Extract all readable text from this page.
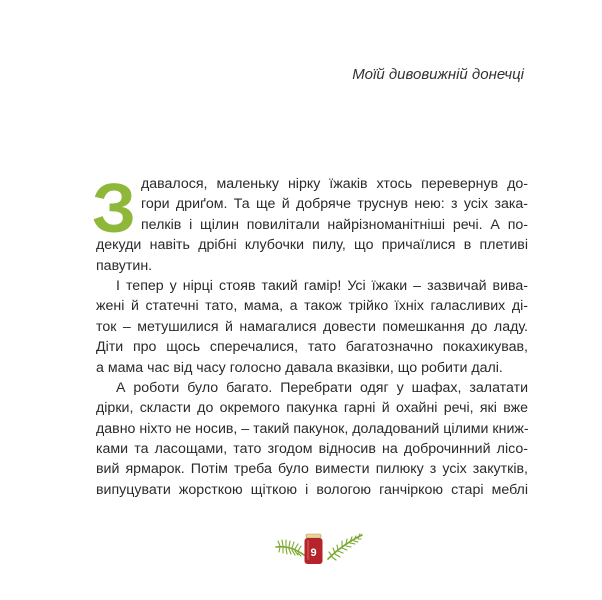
Моїй дивовижній донечці
З давалося, маленьку нірку їжаків хтось перевернув до-
гори дриґом. Та ще й добряче труснув нею: з усіх зака-
пелків і щілин повилітали найрізноманітніші речі. А по-
декуди навіть дрібні клубочки пилу, що причаїлися в плетиві
павутин.
І тепер у нірці стояв такий гамір! Усі їжаки – зазвичай вива-
жені й статечні тато, мама, а також трійко їхніх галасливих ді-
ток – метушилися й намагалися довести помешкання до ладу.
Діти про щось сперечалися, тато багатозначно покахикував,
а мама час від часу голосно давала вказівки, що робити далі.
А роботи було багато. Перебрати одяг у шафах, залатати
дірки, скласти до окремого пакунка гарні й охайні речі, які вже
давно ніхто не носив, – такий пакунок, доладований цілими книж-
ками та ласощами, тато згодом відносив на доброчинний лісо-
вий ярмарок. Потім треба було вимести пилюку з усіх закутків,
випуцувати жорсткою щіткою і вологою ганчіркою старі меблі
9
